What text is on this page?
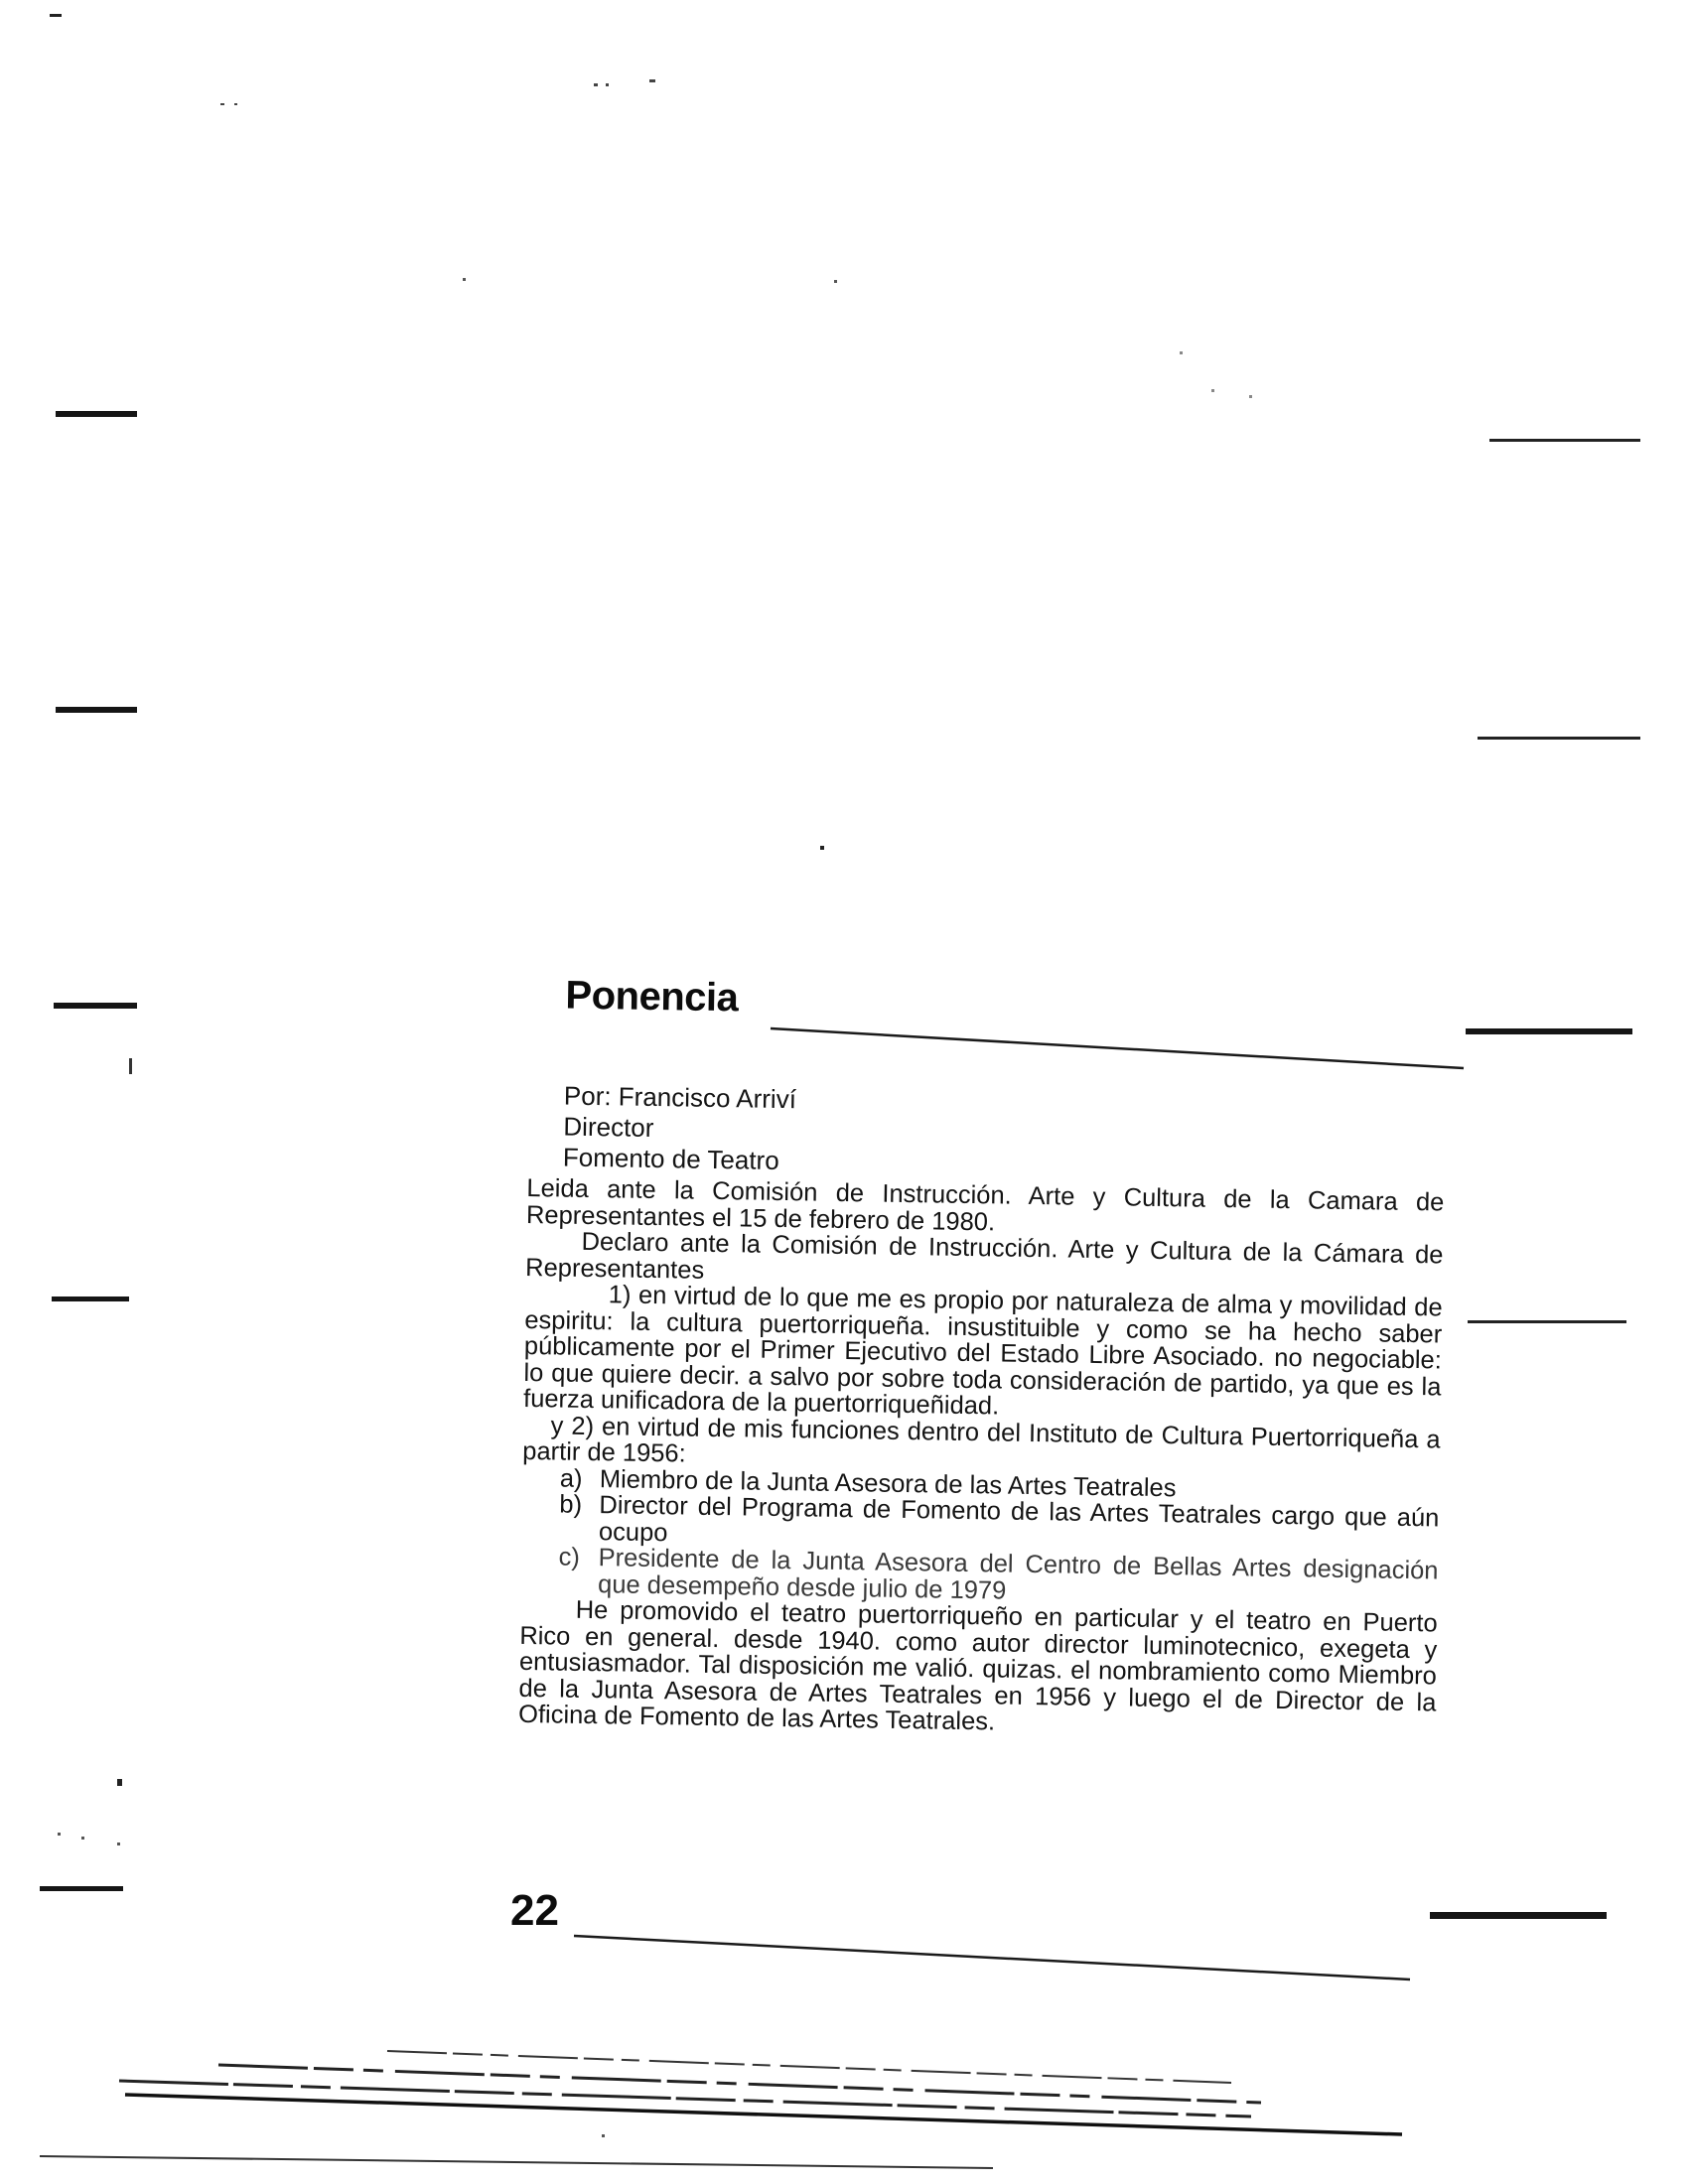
Ponencia
Por: Francisco Arriví
Director
Fomento de Teatro

Leida ante la Comisión de Instrucción. Arte y Cultura de la Camara de Representantes el 15 de febrero de 1980.

Declaro ante la Comisión de Instrucción. Arte y Cultura de la Cámara de Representantes

1) en virtud de lo que me es propio por naturaleza de alma y movilidad de espiritu: la cultura puertorriqueña. insustituible y como se ha hecho saber públicamente por el Primer Ejecutivo del Estado Libre Asociado. no negociable: lo que quiere decir. a salvo por sobre toda consideración de partido, ya que es la fuerza unificadora de la puertorriqueñidad.

y 2) en virtud de mis funciones dentro del Instituto de Cultura Puertorriqueña a partir de 1956:

a) Miembro de la Junta Asesora de las Artes Teatrales
b) Director del Programa de Fomento de las Artes Teatrales cargo que aún ocupo
c) Presidente de la Junta Asesora del Centro de Bellas Artes designación que desempeño desde julio de 1979

He promovido el teatro puertorriqueño en particular y el teatro en Puerto Rico en general. desde 1940. como autor director luminotecnico, exegeta y entusiasmador. Tal disposición me valió. quizas. el nombramiento como Miembro de la Junta Asesora de Artes Teatrales en 1956 y luego el de Director de la Oficina de Fomento de las Artes Teatrales.

22
